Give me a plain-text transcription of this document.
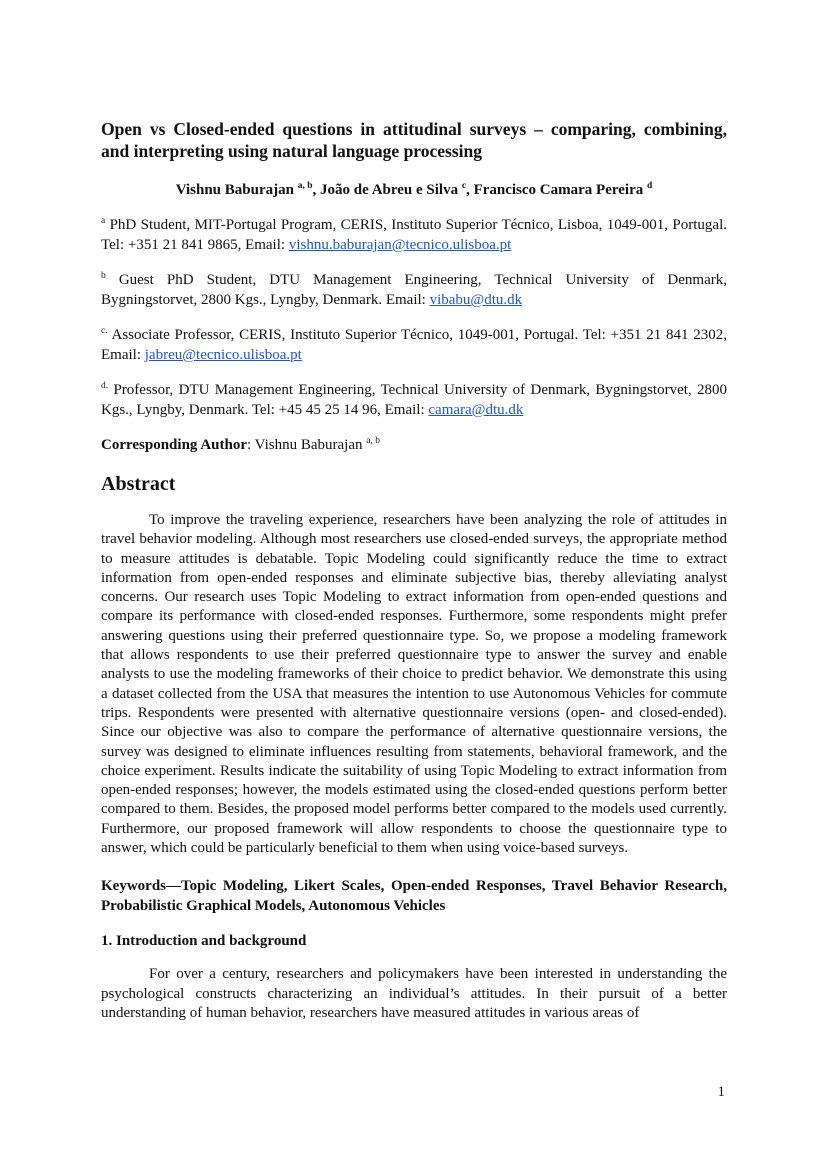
Open vs Closed-ended questions in attitudinal surveys – comparing, combining, and interpreting using natural language processing

Vishnu Baburajan $^{a, b}$, João de Abreu e Silva $^c$, Francisco Camara Pereira $^d$

$^a$ PhD Student, MIT-Portugal Program, CERIS, Instituto Superior Técnico, Lisboa, 1049-001, Portugal. Tel: +351 21 841 9865, Email: vishnu.baburajan@tecnico.ulisboa.pt

$^b$ Guest PhD Student, DTU Management Engineering, Technical University of Denmark, Bygningstorvet, 2800 Kgs., Lyngby, Denmark. Email: vibabu@dtu.dk

$^{c.}$ Associate Professor, CERIS, Instituto Superior Técnico, 1049-001, Portugal. Tel: +351 21 841 2302, Email: jabreu@tecnico.ulisboa.pt

$^{d.}$ Professor, DTU Management Engineering, Technical University of Denmark, Bygningstorvet, 2800 Kgs., Lyngby, Denmark. Tel: +45 45 25 14 96, Email: camara@dtu.dk

Corresponding Author: Vishnu Baburajan $^{a, b}$

Abstract

To improve the traveling experience, researchers have been analyzing the role of attitudes in travel behavior modeling. Although most researchers use closed-ended surveys, the appropriate method to measure attitudes is debatable. Topic Modeling could significantly reduce the time to extract information from open-ended responses and eliminate subjective bias, thereby alleviating analyst concerns. Our research uses Topic Modeling to extract information from open-ended questions and compare its performance with closed-ended responses. Furthermore, some respondents might prefer answering questions using their preferred questionnaire type. So, we propose a modeling framework that allows respondents to use their preferred questionnaire type to answer the survey and enable analysts to use the modeling frameworks of their choice to predict behavior. We demonstrate this using a dataset collected from the USA that measures the intention to use Autonomous Vehicles for commute trips. Respondents were presented with alternative questionnaire versions (open- and closed-ended). Since our objective was also to compare the performance of alternative questionnaire versions, the survey was designed to eliminate influences resulting from statements, behavioral framework, and the choice experiment. Results indicate the suitability of using Topic Modeling to extract information from open-ended responses; however, the models estimated using the closed-ended questions perform better compared to them. Besides, the proposed model performs better compared to the models used currently. Furthermore, our proposed framework will allow respondents to choose the questionnaire type to answer, which could be particularly beneficial to them when using voice-based surveys.

Keywords—Topic Modeling, Likert Scales, Open-ended Responses, Travel Behavior Research, Probabilistic Graphical Models, Autonomous Vehicles

1. Introduction and background

For over a century, researchers and policymakers have been interested in understanding the psychological constructs characterizing an individual’s attitudes. In their pursuit of a better understanding of human behavior, researchers have measured attitudes in various areas of

1
